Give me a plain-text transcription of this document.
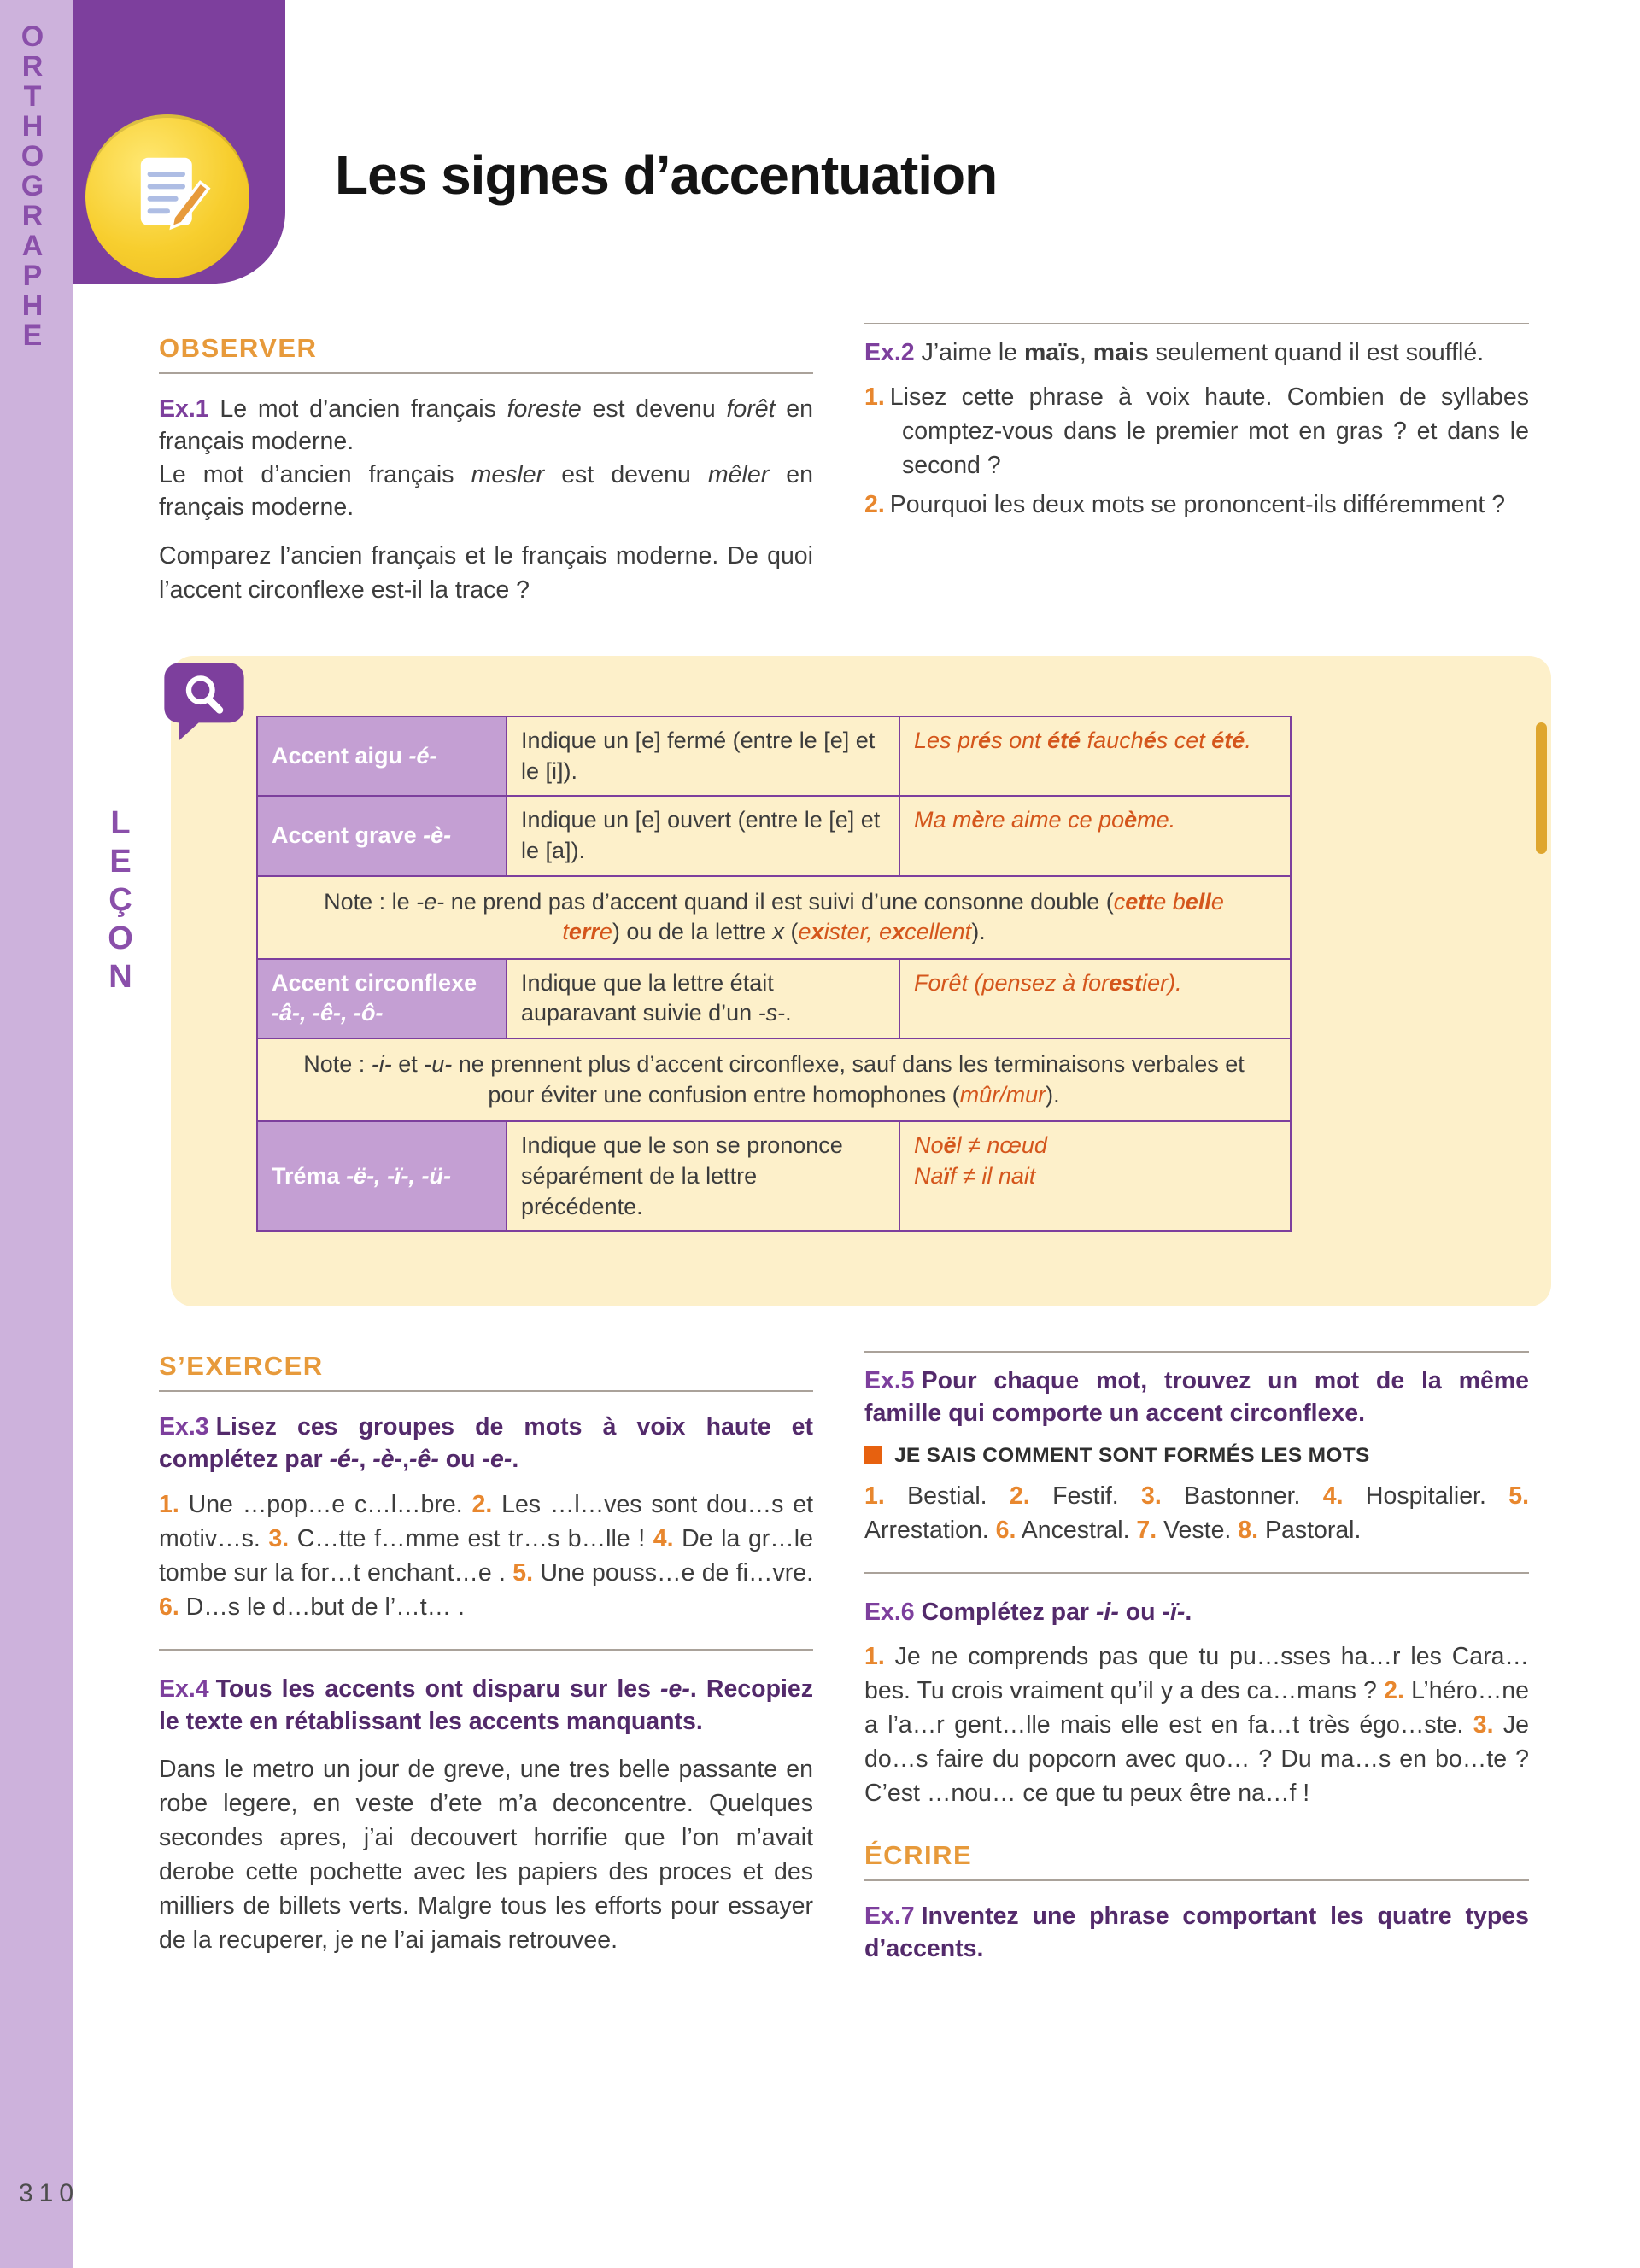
ORTHOGRAPHE
LEÇON
310
Les signes d’accentuation
OBSERVER

Ex.1 Le mot d’ancien français foreste est devenu forêt en français moderne.
Le mot d’ancien français mesler est devenu mêler en français moderne.

Comparez l’ancien français et le français moderne. De quoi l’accent circonflexe est-il la trace ?

Ex.2 J’aime le maïs, mais seulement quand il est soufflé.

1. Lisez cette phrase à voix haute. Combien de syllabes comptez-vous dans le premier mot en gras ? et dans le second ?

2. Pourquoi les deux mots se prononcent-ils différemment ?

Accent aigu -é-	Indique un [e] fermé (entre le [e] et le [i]).	Les prés ont été fauchés cet été.
Accent grave -è-	Indique un [e] ouvert (entre le [e] et le [a]).	Ma mère aime ce poème.
Note : le -e- ne prend pas d’accent quand il est suivi d’une consonne double (cette belle terre) ou de la lettre x (exister, excellent).		
Accent circonflexe -â-, -ê-, -ô-	Indique que la lettre était auparavant suivie d’un -s-.	Forêt (pensez à forestier).
Note : -i- et -u- ne prennent plus d’accent circonflexe, sauf dans les terminaisons verbales et pour éviter une confusion entre homophones (mûr/mur).		
Tréma -ë-, -ï-, -ü-	Indique que le son se prononce séparément de la lettre précédente.	Noël ≠ nœud
Naïf ≠ il nait
S’EXERCER

Ex.3 Lisez ces groupes de mots à voix haute et complétez par -é-, -è-,-ê- ou -e-.

1. Une …pop…e c…l…bre. 2. Les …l…ves sont dou…s et motiv…s. 3. C…tte f…mme est tr…s b…lle ! 4. De la gr…le tombe sur la for…t enchant…e . 5. Une pouss…e de fi…vre. 6. D…s le d…but de l’…t… .

Ex.4 Tous les accents ont disparu sur les -e-. Recopiez le texte en rétablissant les accents manquants.

Dans le metro un jour de greve, une tres belle passante en robe legere, en veste d’ete m’a deconcentre. Quelques secondes apres, j’ai decouvert horrifie que l’on m’avait derobe cette pochette avec les papiers des proces et des milliers de billets verts. Malgre tous les efforts pour essayer de la recuperer, je ne l’ai jamais retrouvee.

Ex.5 Pour chaque mot, trouvez un mot de la même famille qui comporte un accent circonflexe.

JE SAIS COMMENT SONT FORMÉS LES MOTS

1. Bestial. 2. Festif. 3. Bastonner. 4. Hospitalier. 5. Arrestation. 6. Ancestral. 7. Veste. 8. Pastoral.

Ex.6 Complétez par -i- ou -ï-.

1. Je ne comprends pas que tu pu…sses ha…r les Cara…bes. Tu crois vraiment qu’il y a des ca…mans ? 2. L’héro…ne a l’a…r gent…lle mais elle est en fa…t très égo…ste. 3. Je do…s faire du popcorn avec quo… ? Du ma…s en bo…te ? C’est …nou… ce que tu peux être na…f !

ÉCRIRE

Ex.7 Inventez une phrase comportant les quatre types d’accents.
